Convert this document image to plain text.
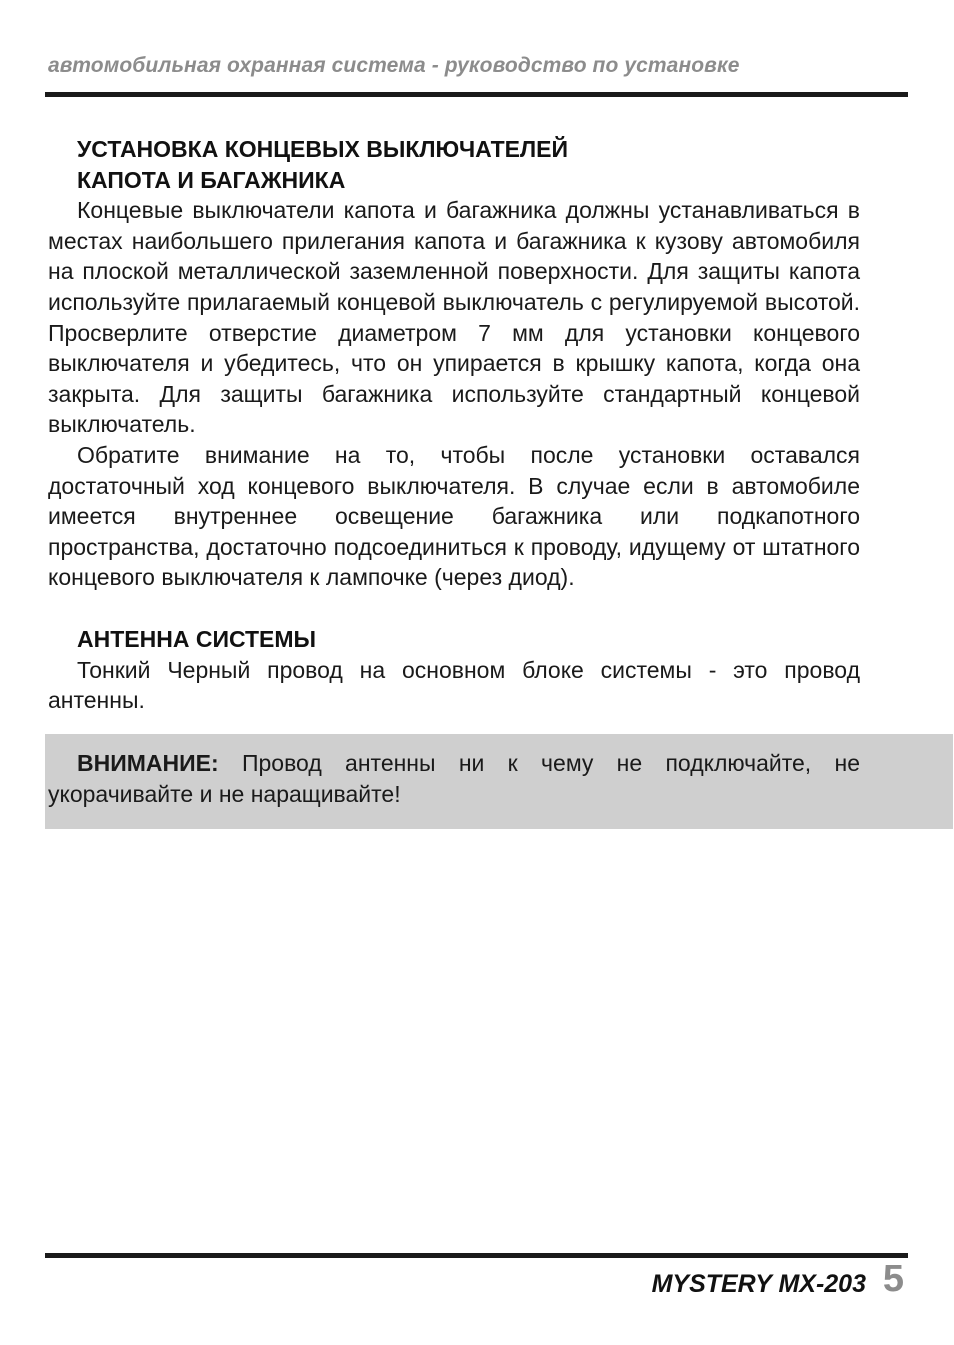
автомобильная охранная система - руководство по установке
УСТАНОВКА КОНЦЕВЫХ ВЫКЛЮЧАТЕЛЕЙ
КАПОТА И БАГАЖНИКА

Концевые выключатели капота и багажника должны устанавливаться в местах наибольшего прилегания капота и багажника к кузову автомобиля на плоской металлической заземленной поверхности. Для защиты капота используйте прилагаемый концевой выключатель с регулируемой высотой. Просверлите отверстие диаметром 7 мм для установки концевого выключателя и убедитесь, что он упирается в крышку капота, когда она закрыта. Для защиты багажника используйте стандартный концевой выключатель.

Обратите внимание на то, чтобы после установки оставался достаточный ход концевого выключателя. В случае если в автомобиле имеется внутреннее освещение багажника или подкапотного пространства, достаточно подсоединиться к проводу, идущему от штатного концевого выключателя к лампочке (через диод).

АНТЕННА СИСТЕМЫ

Тонкий Черный провод на основном блоке системы - это провод антенны.

ВНИМАНИЕ: Провод антенны ни к чему не подключайте, не укорачивайте и не наращивайте!

MYSTERY MX-203 5
